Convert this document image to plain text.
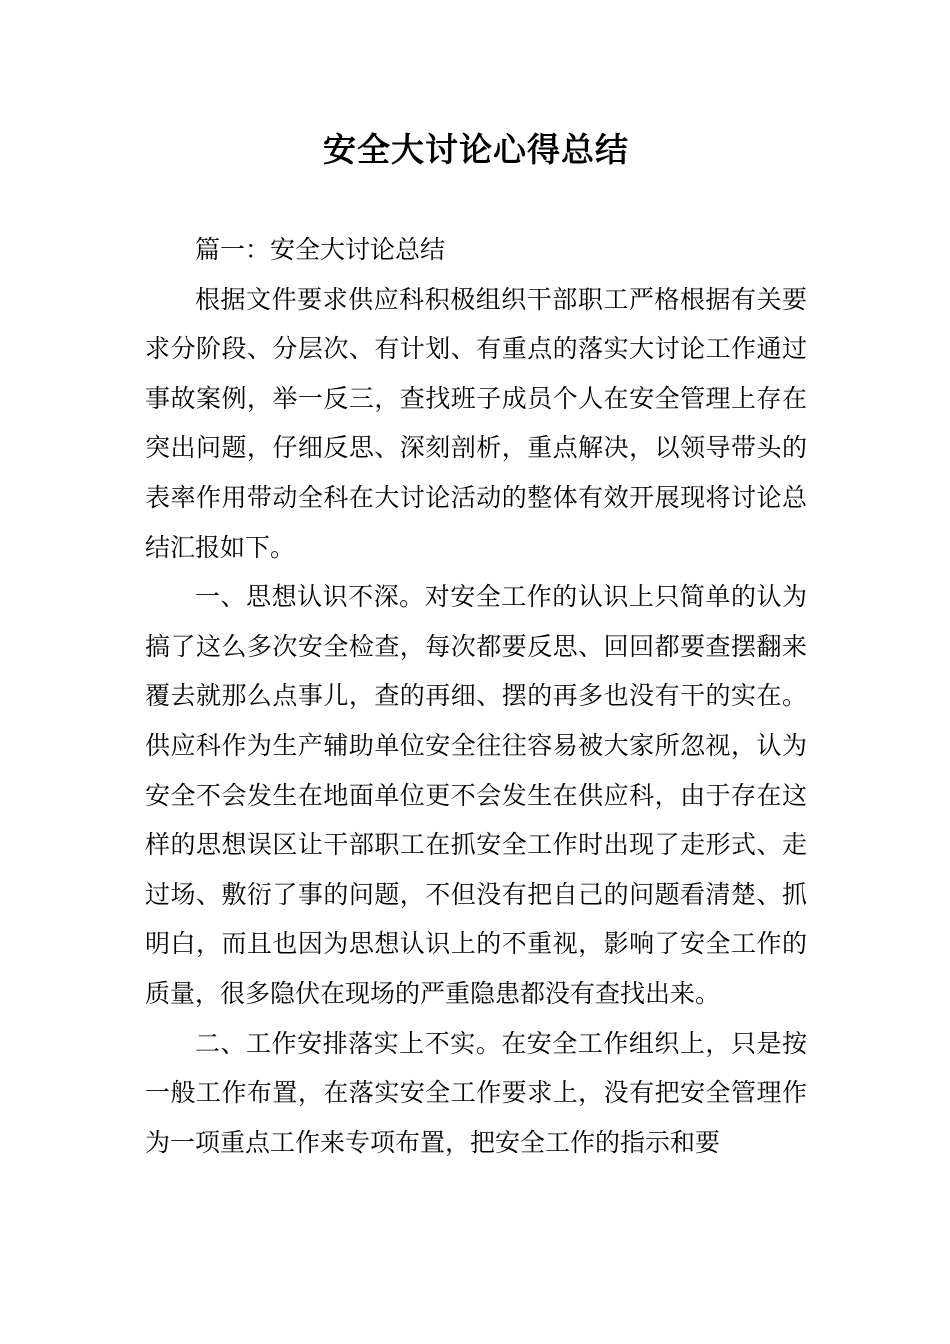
安全大讨论心得总结

篇一：安全大讨论总结

根据文件要求供应科积极组织干部职工严格根据有关要求分阶段、分层次、有计划、有重点的落实大讨论工作通过事故案例，举一反三，查找班子成员个人在安全管理上存在突出问题，仔细反思、深刻剖析，重点解决，以领导带头的表率作用带动全科在大讨论活动的整体有效开展现将讨论总结汇报如下。

一、思想认识不深。对安全工作的认识上只简单的认为搞了这么多次安全检查，每次都要反思、回回都要查摆翻来覆去就那么点事儿，查的再细、摆的再多也没有干的实在。供应科作为生产辅助单位安全往往容易被大家所忽视，认为安全不会发生在地面单位更不会发生在供应科，由于存在这样的思想误区让干部职工在抓安全工作时出现了走形式、走过场、敷衍了事的问题，不但没有把自己的问题看清楚、抓明白，而且也因为思想认识上的不重视，影响了安全工作的质量，很多隐伏在现场的严重隐患都没有查找出来。

二、工作安排落实上不实。在安全工作组织上，只是按一般工作布置，在落实安全工作要求上，没有把安全管理作为一项重点工作来专项布置，把安全工作的指示和要
